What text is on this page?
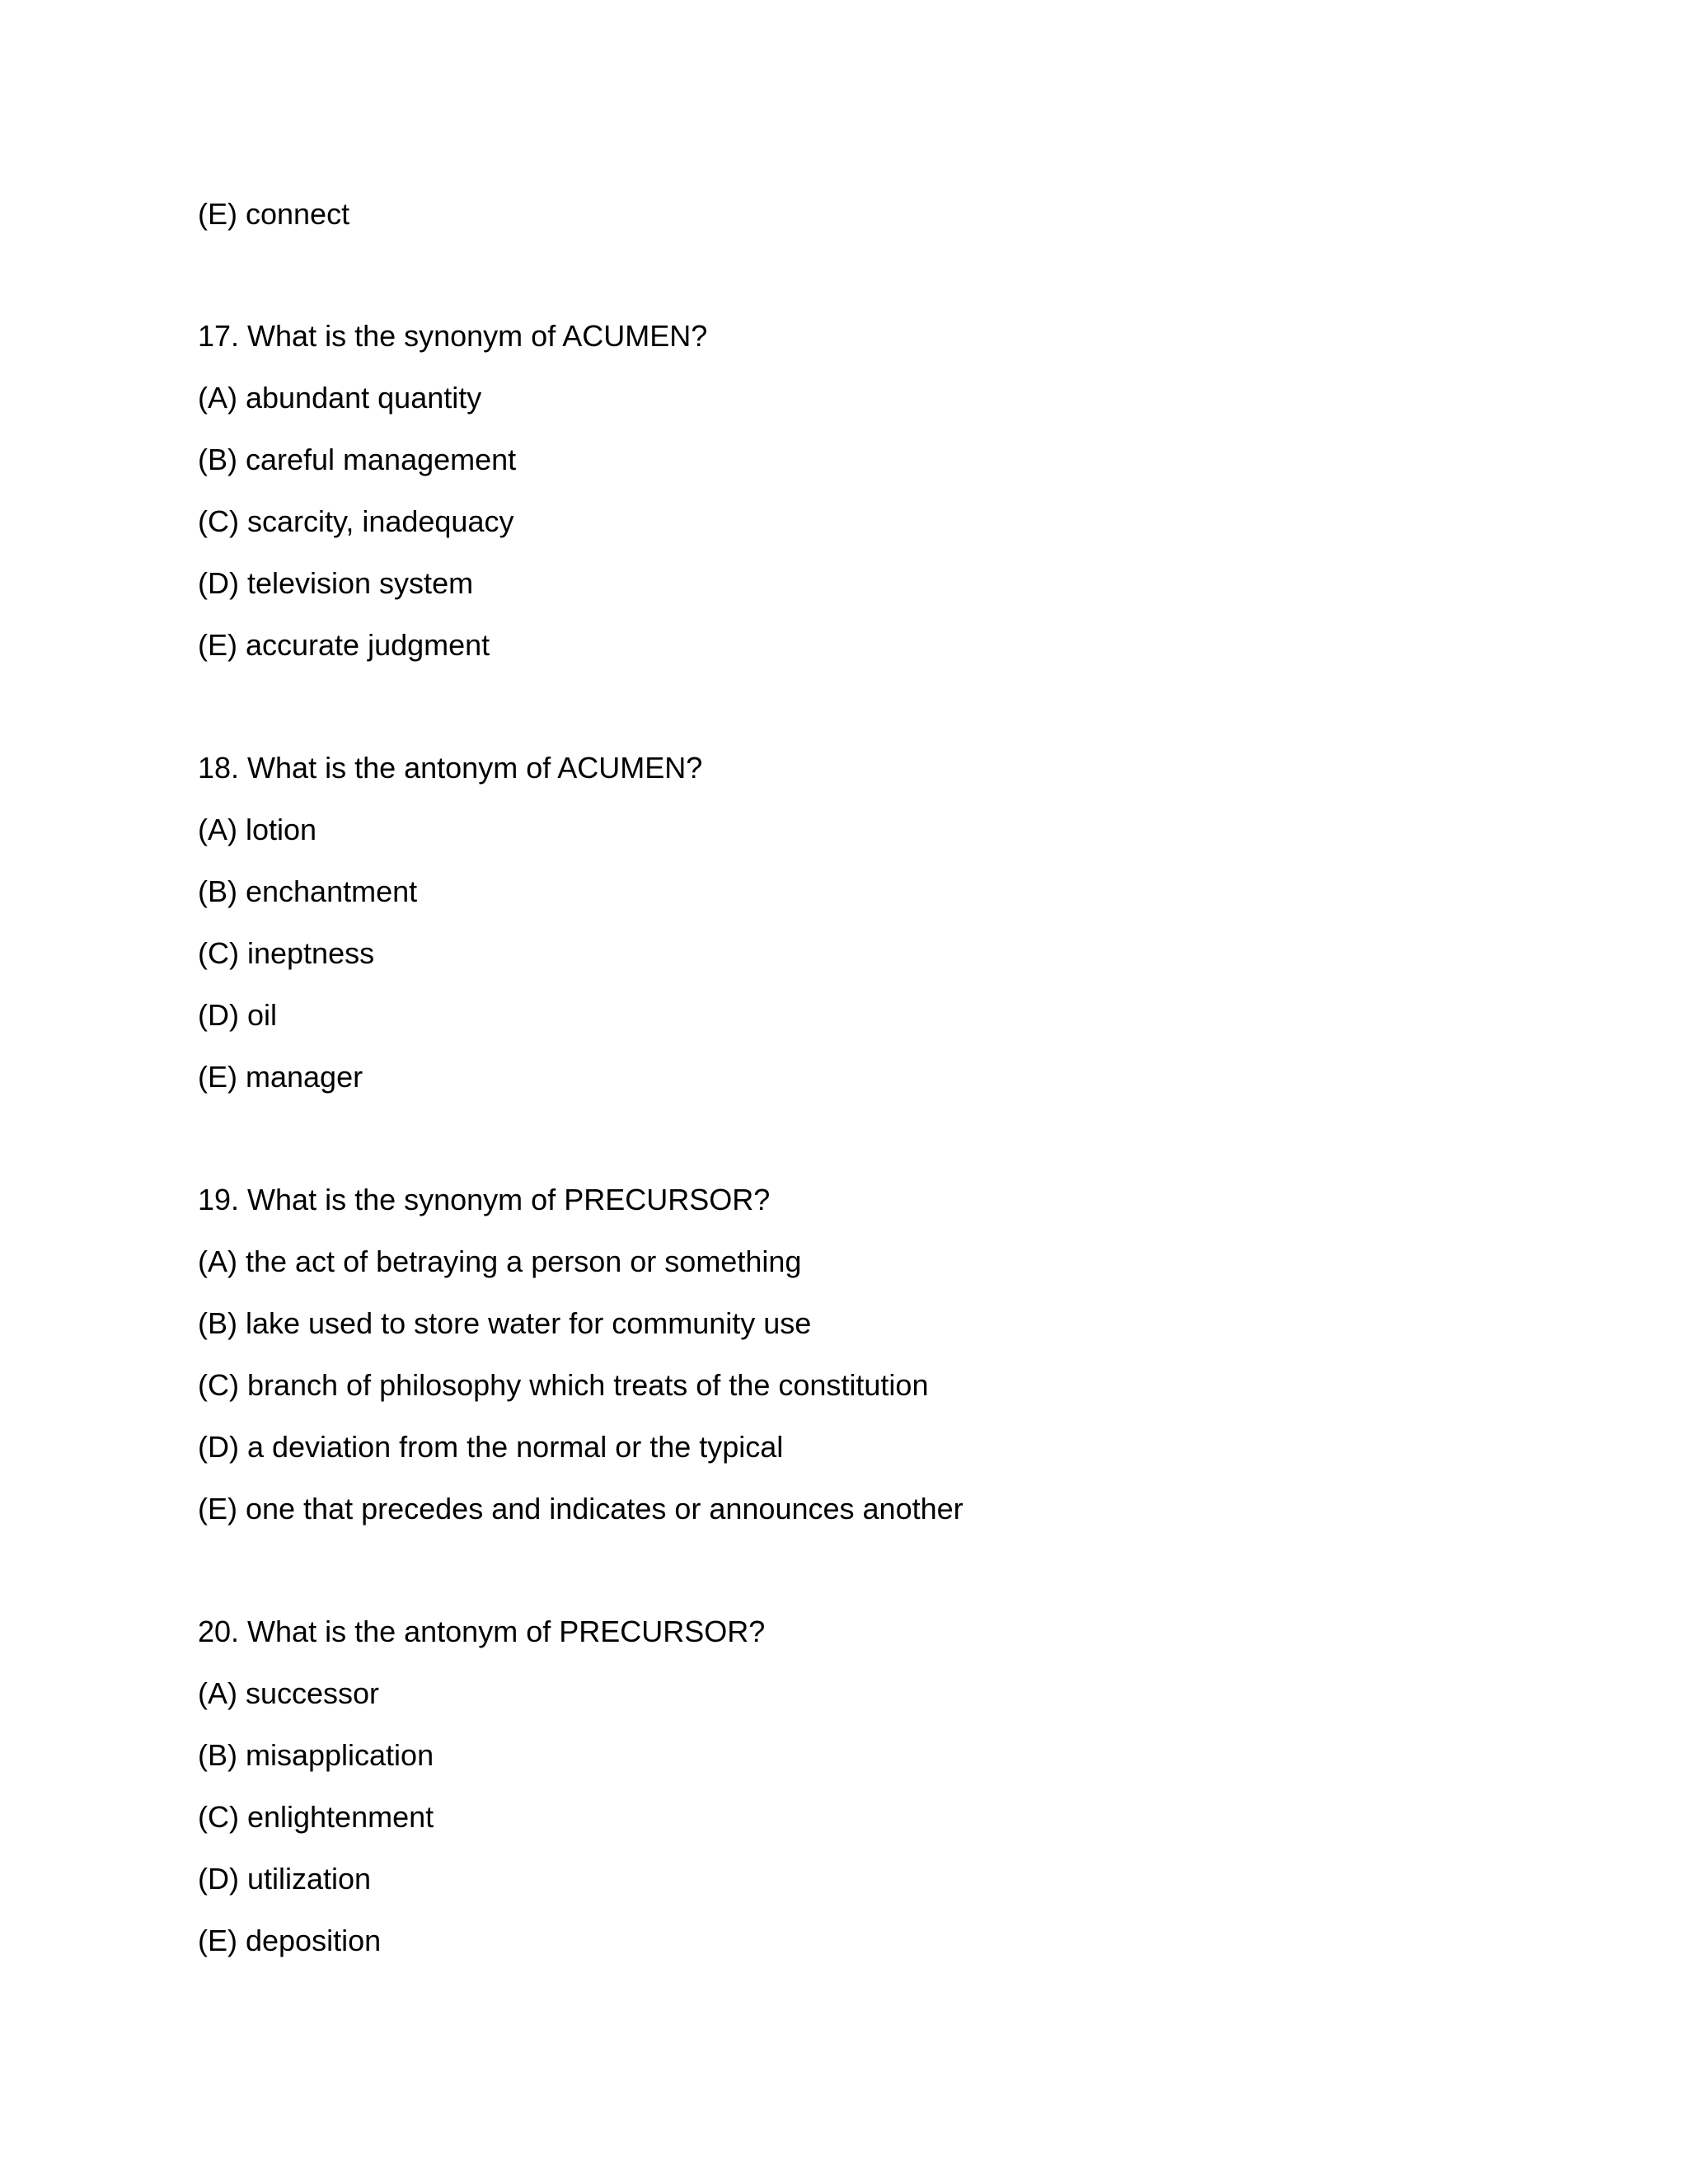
(E) connect
17. What is the synonym of ACUMEN?
(A) abundant quantity
(B) careful management
(C) scarcity, inadequacy
(D) television system
(E) accurate judgment
18. What is the antonym of ACUMEN?
(A) lotion
(B) enchantment
(C) ineptness
(D) oil
(E) manager
19. What is the synonym of PRECURSOR?
(A) the act of betraying a person or something
(B) lake used to store water for community use
(C) branch of philosophy which treats of the constitution
(D) a deviation from the normal or the typical
(E) one that precedes and indicates or announces another
20. What is the antonym of PRECURSOR?
(A) successor
(B) misapplication
(C) enlightenment
(D) utilization
(E) deposition
